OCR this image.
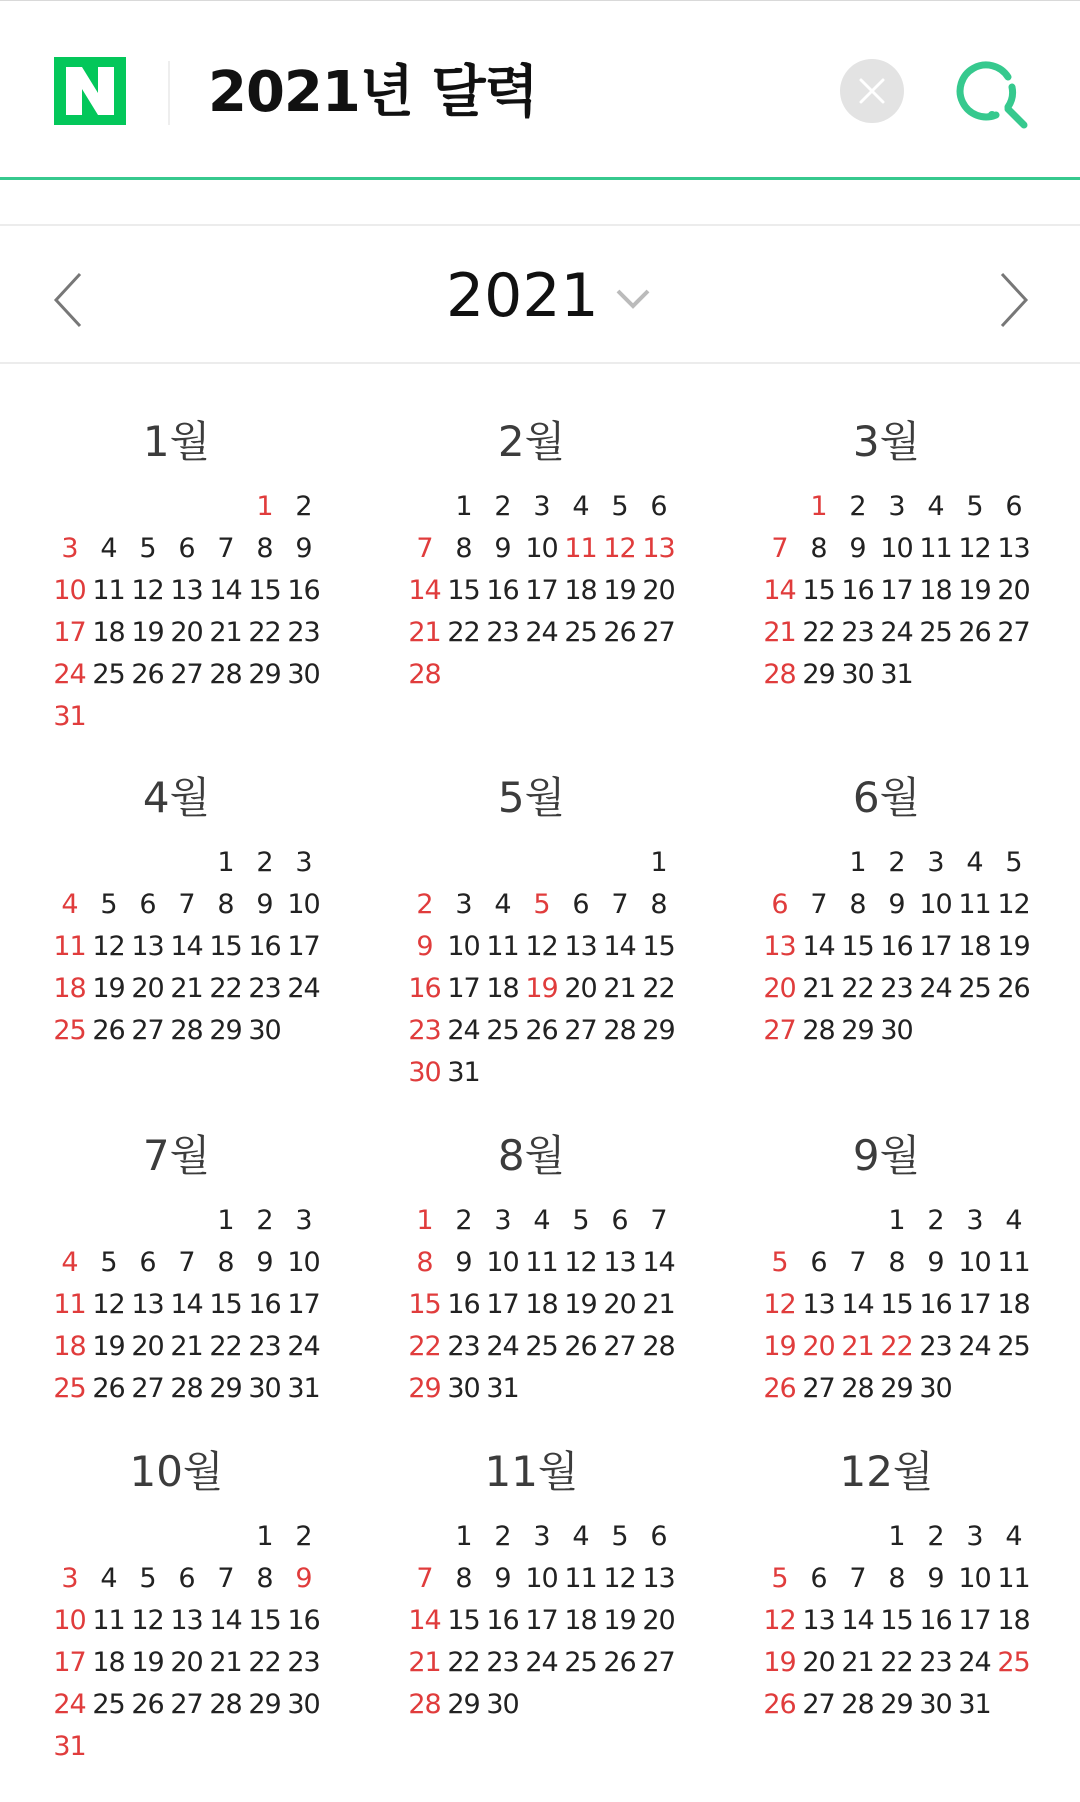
2021년 달력
2021
1월
1 2
3 4 5 6 7 8 9
10 11 12 13 14 15 16
17 18 19 20 21 22 23
24 25 26 27 28 29 30
31
2월
1 2 3 4 5 6
7 8 9 10 11 12 13
14 15 16 17 18 19 20
21 22 23 24 25 26 27
28
3월
1 2 3 4 5 6
7 8 9 10 11 12 13
14 15 16 17 18 19 20
21 22 23 24 25 26 27
28 29 30 31
4월
1 2 3
4 5 6 7 8 9 10
11 12 13 14 15 16 17
18 19 20 21 22 23 24
25 26 27 28 29 30
5월
1
2 3 4 5 6 7 8
9 10 11 12 13 14 15
16 17 18 19 20 21 22
23 24 25 26 27 28 29
30 31
6월
1 2 3 4 5
6 7 8 9 10 11 12
13 14 15 16 17 18 19
20 21 22 23 24 25 26
27 28 29 30
7월
1 2 3
4 5 6 7 8 9 10
11 12 13 14 15 16 17
18 19 20 21 22 23 24
25 26 27 28 29 30 31
8월
1 2 3 4 5 6 7
8 9 10 11 12 13 14
15 16 17 18 19 20 21
22 23 24 25 26 27 28
29 30 31
9월
1 2 3 4
5 6 7 8 9 10 11
12 13 14 15 16 17 18
19 20 21 22 23 24 25
26 27 28 29 30
10월
1 2
3 4 5 6 7 8 9
10 11 12 13 14 15 16
17 18 19 20 21 22 23
24 25 26 27 28 29 30
31
11월
1 2 3 4 5 6
7 8 9 10 11 12 13
14 15 16 17 18 19 20
21 22 23 24 25 26 27
28 29 30
12월
1 2 3 4
5 6 7 8 9 10 11
12 13 14 15 16 17 18
19 20 21 22 23 24 25
26 27 28 29 30 31
